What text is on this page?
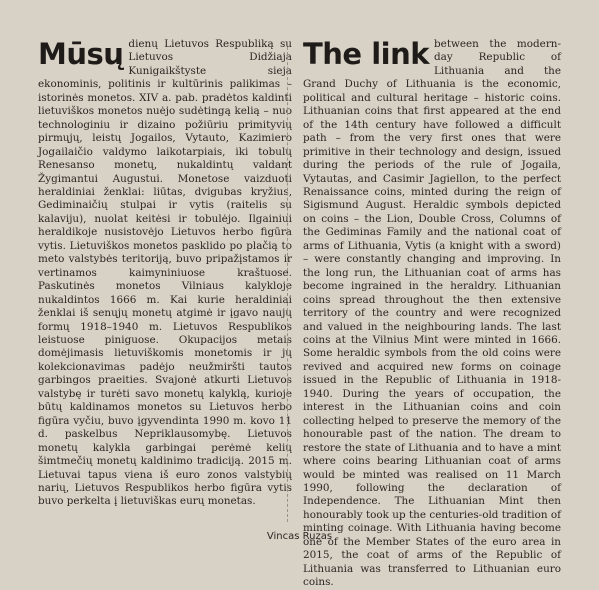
Mūsų dienų Lietuvos Respubliką su Lietuvos Didžiaja Kunigaikštyste sieja ekonominis, politinis ir kultūrinis palikimas – istorinės monetos. XIV a. pab. pradėtos kaldinti lietuviškos monetos nuėjo sudėtingą kelią – nuo technologiniu ir dizaino požiūriu primityvių pirmųjų, leistų Jogailos, Vytauto, Kazimiero Jogailaičio valdymo laikotarpiais, iki tobulų Renesanso monetų, nukaldintų valdant Žygimantui Augustui. Monetose vaizduoti heraldiniai ženklai: liūtas, dvigubas kryžius, Gediminaičių stulpai ir vytis (raitelis su kalaviju), nuolat keitėsi ir tobulėjo. Ilgainiui heraldikoje nusistovėjo Lietuvos herbo figūra vytis. Lietuviškos monetos pasklido po plačią to meto valstybės teritoriją, buvo pripažįstamos ir vertinamos kaimyniniuose kraštuose. Paskutinės monetos Vilniaus kalykloje nukaldintos 1666 m. Kai kurie heraldiniai ženklai iš senųjų monetų atgimė ir įgavo naujų formų 1918–1940 m. Lietuvos Respublikos leistuose piniguose. Okupacijos metais domėjimasis lietuviškomis monetomis ir jų kolekcionavimas padėjo neužmiršti tautos garbingos praeities. Svajonė atkurti Lietuvos valstybę ir turėti savo monetų kalyklą, kurioje būtų kaldinamos monetos su Lietuvos herbo figūra vyčiu, buvo įgyvendinta 1990 m. kovo 11 d. paskelbus Nepriklausomybę. Lietuvos monetų kalykla garbingai perėmė kelių šimtmečių monetų kaldinimo tradiciją. 2015 m. Lietuvai tapus viena iš euro zonos valstybių narių, Lietuvos Respublikos herbo figūra vytis buvo perkelta į lietuviškas eurų monetas.
The link between the modern-day Republic of Lithuania and the Grand Duchy of Lithuania is the economic, political and cultural heritage – historic coins. Lithuanian coins that first appeared at the end of the 14th century have followed a difficult path – from the very first ones that were primitive in their technology and design, issued during the periods of the rule of Jogaila, Vytautas, and Casimir Jagiellon, to the perfect Renaissance coins, minted during the reign of Sigismund August. Heraldic symbols depicted on coins – the Lion, Double Cross, Columns of the Gediminas Family and the national coat of arms of Lithuania, Vytis (a knight with a sword) – were constantly changing and improving. In the long run, the Lithuanian coat of arms has become ingrained in the heraldry. Lithuanian coins spread throughout the then extensive territory of the country and were recognized and valued in the neighbouring lands. The last coins at the Vilnius Mint were minted in 1666. Some heraldic symbols from the old coins were revived and acquired new forms on coinage issued in the Republic of Lithuania in 1918-1940. During the years of occupation, the interest in the Lithuanian coins and coin collecting helped to preserve the memory of the honourable past of the nation. The dream to restore the state of Lithuania and to have a mint where coins bearing Lithuanian coat of arms would be minted was realised on 11 March 1990, following the declaration of Independence. The Lithuanian Mint then honourably took up the centuries-old tradition of minting coinage. With Lithuania having become one of the Member States of the euro area in 2015, the coat of arms of the Republic of Lithuania was transferred to Lithuanian euro coins.
Vincas Ruzas
